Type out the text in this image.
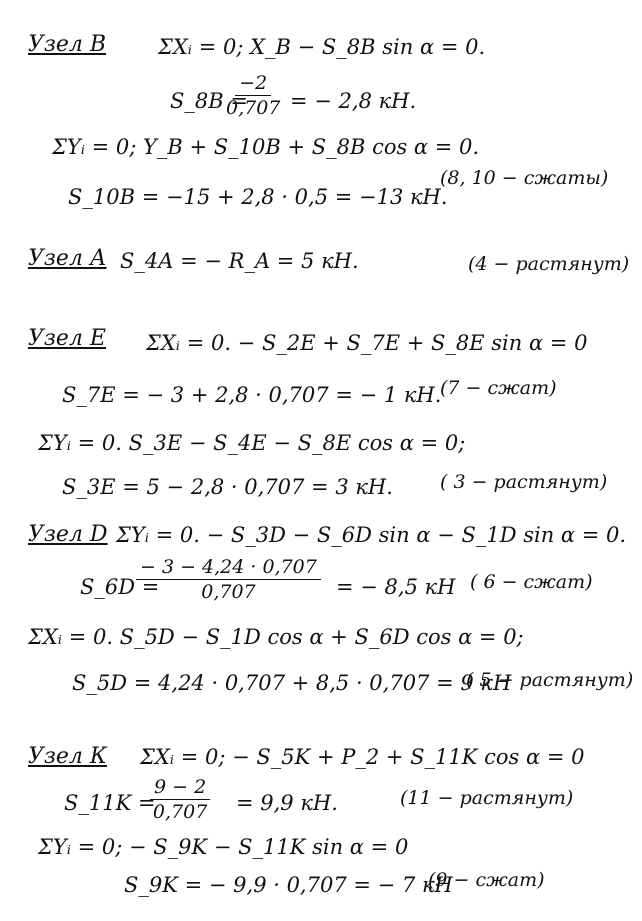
Узел В ΣXᵢ = 0; X_B − S_8B sin α = 0.
S_8B =
$\frac{-2}{0,707}$ = − 2,8 кН.
ΣYᵢ = 0; Y_B + S_10B + S_8B cos α = 0.
S_10B = −15 + 2,8 · 0,5 = −13 кН.
(8, 10 − сжаты)
Узел А S_4A = − R_A = 5 кН.	(4 − растянут)
Узел Е ΣXᵢ = 0. − S_2E + S_7E + S_8E sin α = 0
S_7E = − 3 + 2,8 · 0,707 = − 1 кН.
(7 − сжат)
ΣYᵢ = 0. S_3E − S_4E − S_8E cos α = 0;
S_3E = 5 − 2,8 · 0,707 = 3 кН. ( 3 − растянут)
Узел D ΣYᵢ = 0. − S_3D − S_6D sin α − S_1D sin α = 0.
S_6D =
$\frac{- 3 - 4,24 \cdot 0,707}{0,707}$ = − 8,5 кН ( 6 − сжат)
ΣXᵢ = 0. S_5D − S_1D cos α + S_6D cos α = 0;
S_5D = 4,24 · 0,707 + 8,5 · 0,707 = 9 кН
( 5 − растянут)
Узел К ΣXᵢ = 0; − S_5K + P_2 + S_11K cos α = 0
S_11K =
$\frac{9 - 2}{0,707} = 9,9$ кН.	(11 − растянут)
ΣYᵢ = 0; − S_9K − S_11K sin α = 0
S_9K = − 9,9 · 0,707 = − 7 кН
(9 − сжат)
